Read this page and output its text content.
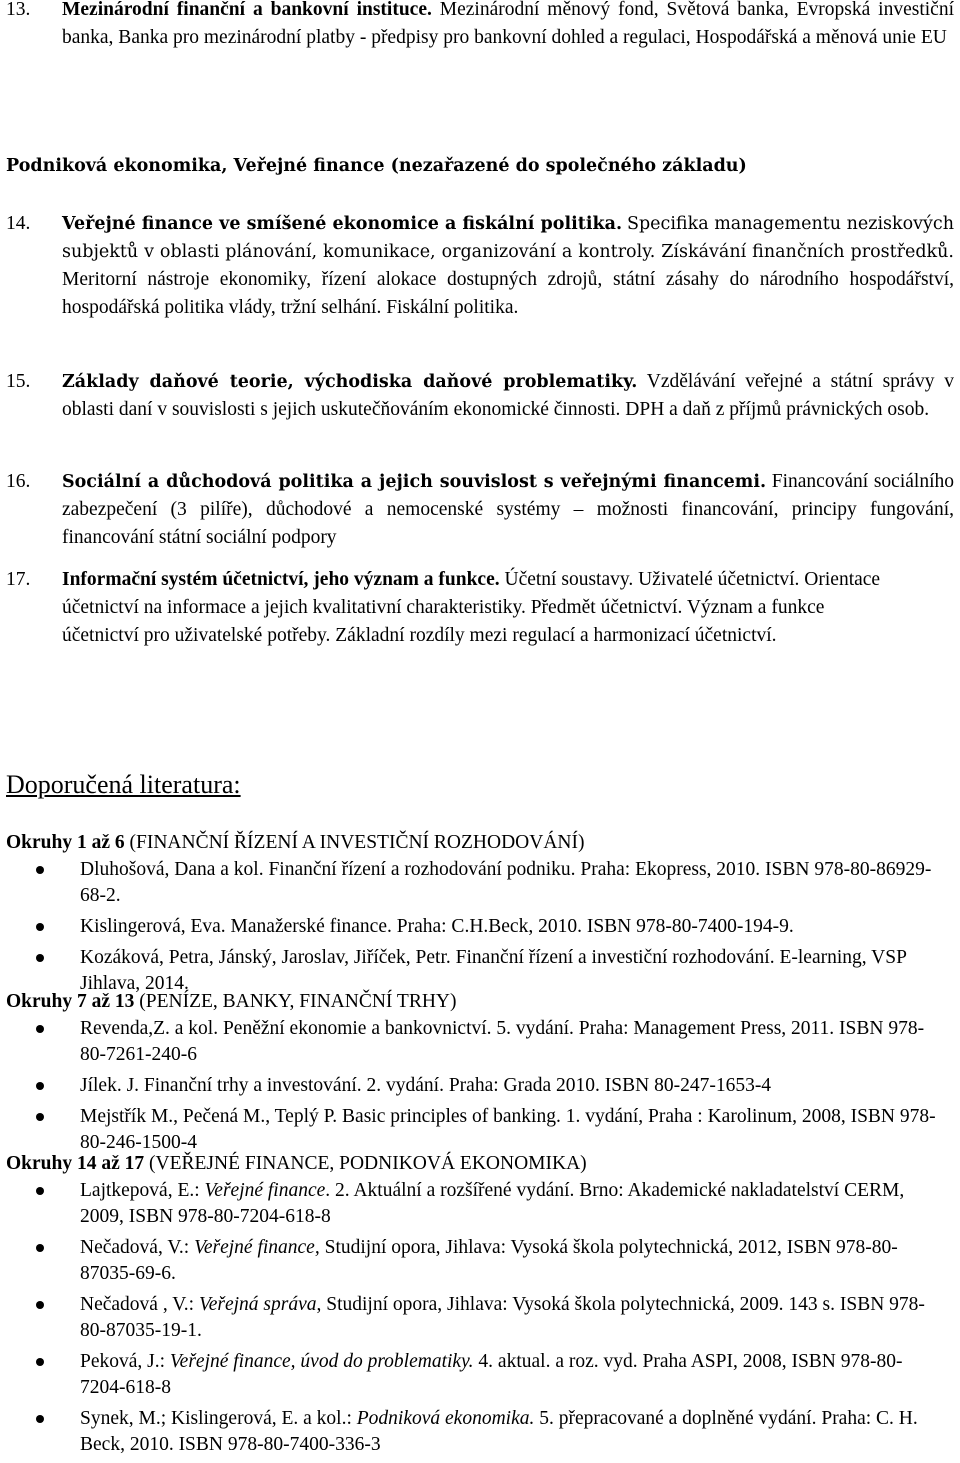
13. Mezinárodní finanční a bankovní instituce. Mezinárodní měnový fond, Světová banka, Evropská investiční banka, Banka pro mezinárodní platby - předpisy pro bankovní dohled a regulaci, Hospodářská a měnová unie EU
Podniková ekonomika, Veřejné finance (nezařazené do společného základu)
14. Veřejné finance ve smíšené ekonomice a fiskální politika. Specifika managementu neziskových subjektů v oblasti plánování, komunikace, organizování a kontroly. Získávání finančních prostředků. Meritorní nástroje ekonomiky, řízení alokace dostupných zdrojů, státní zásahy do národního hospodářství, hospodářská politika vlády, tržní selhání. Fiskální politika.
15. Základy daňové teorie, východiska daňové problematiky. Vzdělávání veřejné a státní správy v oblasti daní v souvislosti s jejich uskutečňováním ekonomické činnosti. DPH a daň z příjmů právnických osob.
16. Sociální a důchodová politika a jejich souvislost s veřejnými financemi. Financování sociálního zabezpečení (3 pilíře), důchodové a nemocenské systémy – možnosti financování, principy fungování, financování státní sociální podpory
17. Informační systém účetnictví, jeho význam a funkce. Účetní soustavy. Uživatelé účetnictví. Orientace účetnictví na informace a jejich kvalitativní charakteristiky. Předmět účetnictví. Význam a funkce účetnictví pro uživatelské potřeby. Základní rozdíly mezi regulací a harmonizací účetnictví.
Doporučená literatura:
Okruhy 1 až 6 (FINANČNÍ ŘÍZENÍ A INVESTIČNÍ ROZHODOVÁNÍ)
Dluhošová, Dana a kol. Finanční řízení a rozhodování podniku. Praha: Ekopress, 2010. ISBN 978-80-86929-68-2.
Kislingerová, Eva. Manažerské finance. Praha: C.H.Beck, 2010. ISBN 978-80-7400-194-9.
Kozáková, Petra, Jánský, Jaroslav, Jiříček, Petr. Finanční řízení a investiční rozhodování. E-learning, VSP Jihlava, 2014.
Okruhy 7 až 13 (PENÍZE, BANKY, FINANČNÍ TRHY)
Revenda,Z. a kol. Peněžní ekonomie a bankovnictví. 5. vydání. Praha: Management Press, 2011. ISBN 978-80-7261-240-6
Jílek. J. Finanční trhy a investování. 2. vydání. Praha: Grada 2010. ISBN 80-247-1653-4
Mejstřík M., Pečená M., Teplý P. Basic principles of banking. 1. vydání, Praha : Karolinum, 2008, ISBN 978-80-246-1500-4
Okruhy 14 až 17 (VEŘEJNÉ FINANCE, PODNIKOVÁ EKONOMIKA)
Lajtkepová, E.: Veřejné finance. 2. Aktuální a rozšířené vydání. Brno: Akademické nakladatelství CERM, 2009, ISBN 978-80-7204-618-8
Nečadová, V.: Veřejné finance, Studijní opora, Jihlava: Vysoká škola polytechnická, 2012, ISBN 978-80-87035-69-6.
Nečadová , V.: Veřejná správa, Studijní opora, Jihlava: Vysoká škola polytechnická, 2009. 143 s. ISBN 978-80-87035-19-1.
Peková, J.: Veřejné finance, úvod do problematiky. 4. aktual. a roz. vyd. Praha ASPI, 2008, ISBN 978-80-7204-618-8
Synek, M.; Kislingerová, E. a kol.: Podniková ekonomika. 5. přepracované a doplněné vydání. Praha: C. H. Beck, 2010. ISBN 978-80-7400-336-3
